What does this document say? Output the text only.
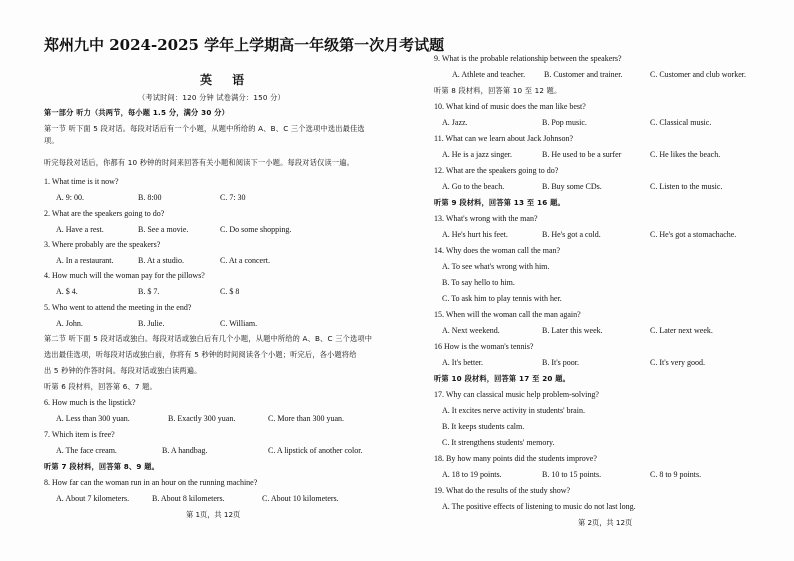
郑州九中 2024-2025 学年上学期高一年级第一次月考试题
英 语
（考试时间：120 分钟 试卷满分：150 分）
第一部分 听力（共两节，每小题 1.5 分，满分 30 分）
第一节 听下面 5 段对话。每段对话后有一个小题，从题中所给的 A、B、C 三个选项中选出最佳选
项。
听完每段对话后，你都有 10 秒钟的时间来回答有关小题和阅读下一小题。每段对话仅读一遍。
1. What time is it now?
A. 9: 00.	B. 8:00	C. 7: 30
2. What are the speakers going to do?
A. Have a rest.	B. See a movie.	C. Do some shopping.
3. Where probably are the speakers?
A. In a restaurant.	B. At a studio.	C. At a concert.
4. How much will the woman pay for the pillows?
A. $ 4.	B. $ 7.	C. $ 8
5. Who went to attend the meeting in the end?
A. John.	B. Julie.	C. William.
第二节 听下面 5 段对话或独白。每段对话或独白后有几个小题，从题中所给的 A、B、C 三个选项中
选出最佳选项，听每段对话或独白前，你将有 5 秒钟的时间阅读各个小题；听完后，各小题将给
出 5 秒钟的作答时间。每段对话或独白读两遍。
听第 6 段材料，回答第 6、7 题。
6. How much is the lipstick?
A. Less than 300 yuan.	B. Exactly 300 yuan.	C. More than 300 yuan.
7. Which item is free?
A. The face cream.	B. A handbag.	C. A lipstick of another color.
听第 7 段材料，回答第 8、9 题。
8. How far can the woman run in an hour on the running machine?
A. About 7 kilometers.	B. About 8 kilometers.	C. About 10 kilometers.
第 1页，共 12页
9. What is the probable relationship between the speakers?
A. Athlete and teacher. B. Customer and trainer.	C. Customer and club worker.
听第 8 段材料，回答第 10 至 12 题。
10. What kind of music does the man like best?
A. Jazz.	B. Pop music.	C. Classical music.
11. What can we learn about Jack Johnson?
A. He is a jazz singer.	B. He used to be a surfer	C. He likes the beach.
12. What are the speakers going to do?
A. Go to the beach.	B. Buy some CDs.	C. Listen to the music.
听第 9 段材料，回答第 13 至 16 题。
13. What's wrong with the man?
A. He's hurt his feet.	B. He's got a cold.	C. He's got a stomachache.
14. Why does the woman call the man?
A. To see what's wrong with him.
B. To say hello to him.
C. To ask him to play tennis with her.
15. When will the woman call the man again?
A. Next weekend.	B. Later this week.	C. Later next week.
16 How is the woman's tennis?
A. It's better.	B. It's poor.	C. It's very good.
听第 10 段材料，回答第 17 至 20 题。
17. Why can classical music help problem-solving?
A. It excites nerve activity in students' brain.
B. It keeps students calm.
C. It strengthens students' memory.
18. By how many points did the students improve?
A. 18 to 19 points.	B. 10 to 15 points.	C. 8 to 9 points.
19. What do the results of the study show?
A. The positive effects of listening to music do not last long.
第 2页，共 12页
